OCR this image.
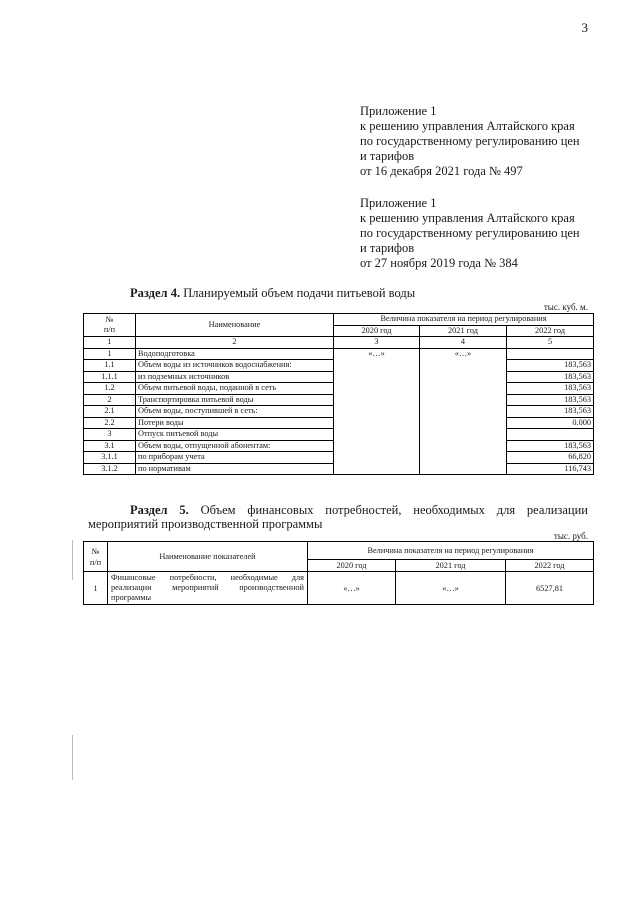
3
Приложение 1
к решению управления Алтайского края
по государственному регулированию цен
и тарифов
от 16 декабря 2021 года № 497
Приложение 1
к решению управления Алтайского края
по государственному регулированию цен
и тарифов
от 27 ноября 2019 года № 384
Раздел 4. Планируемый объем подачи питьевой воды
тыс. куб. м.
№
п/п	Наименование	Величина показателя на период регулирования		
		2020 год	2021 год	2022 год
1	2	3	4	5
1	Водоподготовка	«…»	«…»	
1.1	Объем воды из источников водоснабжения:			183,563
1.1.1	из подземных источников			183,563
1.2	Объем питьевой воды, поданной в сеть			183,563
2	Транспортировка питьевой воды			183,563
2.1	Объем воды, поступившей в сеть:			183,563
2.2	Потери воды			0.000
3	Отпуск питьевой воды			
3.1	Объем воды, отпущенной абонентам:			183,563
3.1.1	по приборам учета			66,820
3.1.2	по нормативам			116,743
Раздел 5. Объем финансовых потребностей, необходимых для реализации
мероприятий производственной программы
тыс. руб.
№
п/п	Наименование показателей	Величина показателя на период регулирования		
		2020 год	2021 год	2022 год
1	Финансовые потребности, необходимые для реализации мероприятий производственной программы	«…»	«…»	6527,81
